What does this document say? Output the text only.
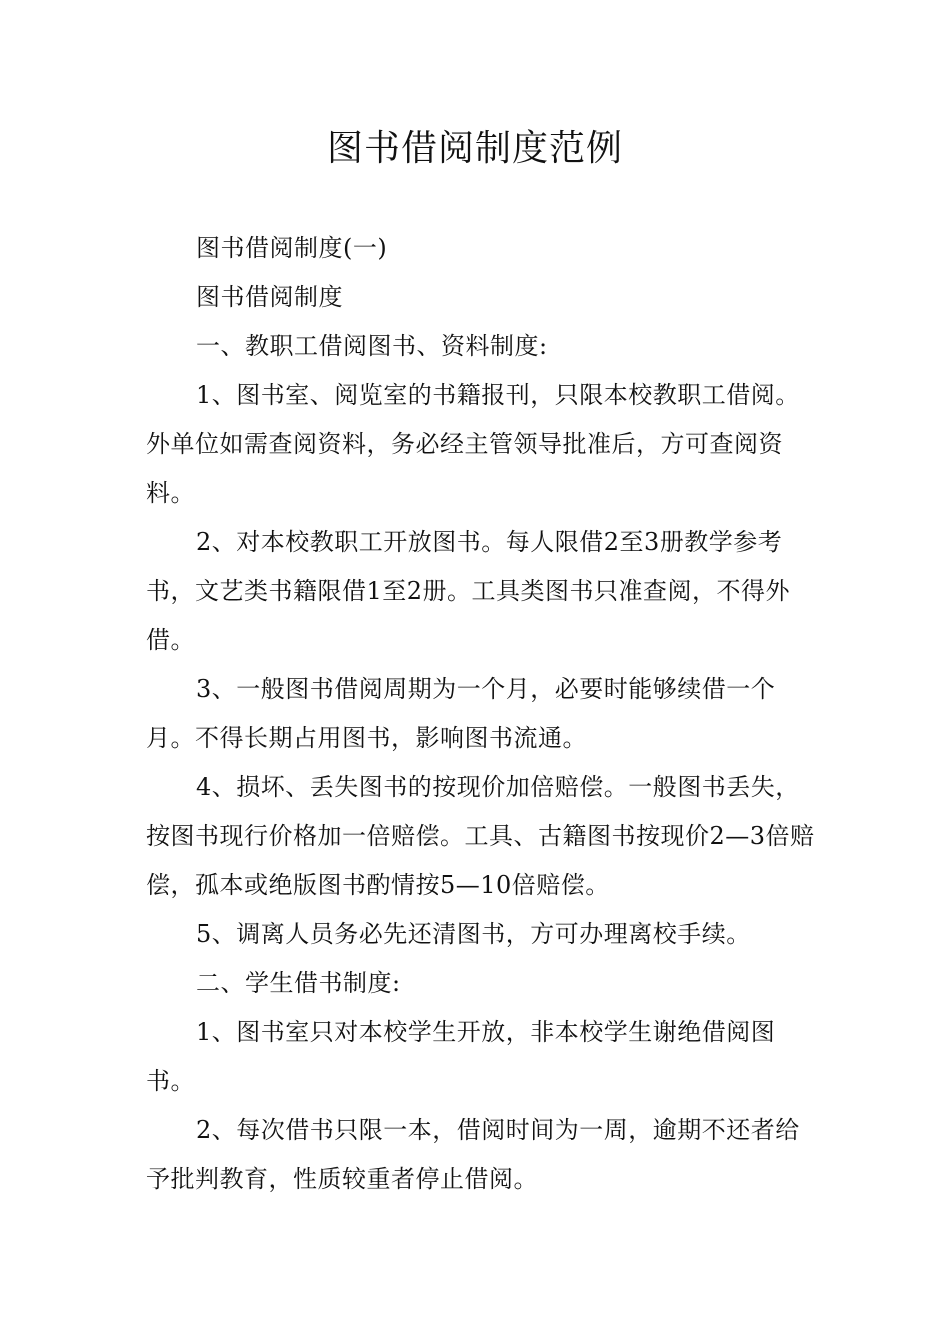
图书借阅制度范例

图书借阅制度(一)

图书借阅制度

一、教职工借阅图书、资料制度:

1、图书室、阅览室的书籍报刊，只限本校教职工借阅。外单位如需查阅资料，务必经主管领导批准后，方可查阅资料。

2、对本校教职工开放图书。每人限借2至3册教学参考书，文艺类书籍限借1至2册。工具类图书只准查阅，不得外借。

3、一般图书借阅周期为一个月，必要时能够续借一个月。不得长期占用图书，影响图书流通。

4、损坏、丢失图书的按现价加倍赔偿。一般图书丢失，按图书现行价格加一倍赔偿。工具、古籍图书按现价2—3倍赔偿，孤本或绝版图书酌情按5—10倍赔偿。

5、调离人员务必先还清图书，方可办理离校手续。

二、学生借书制度:

1、图书室只对本校学生开放，非本校学生谢绝借阅图书。

2、每次借书只限一本，借阅时间为一周，逾期不还者给予批判教育，性质较重者停止借阅。
